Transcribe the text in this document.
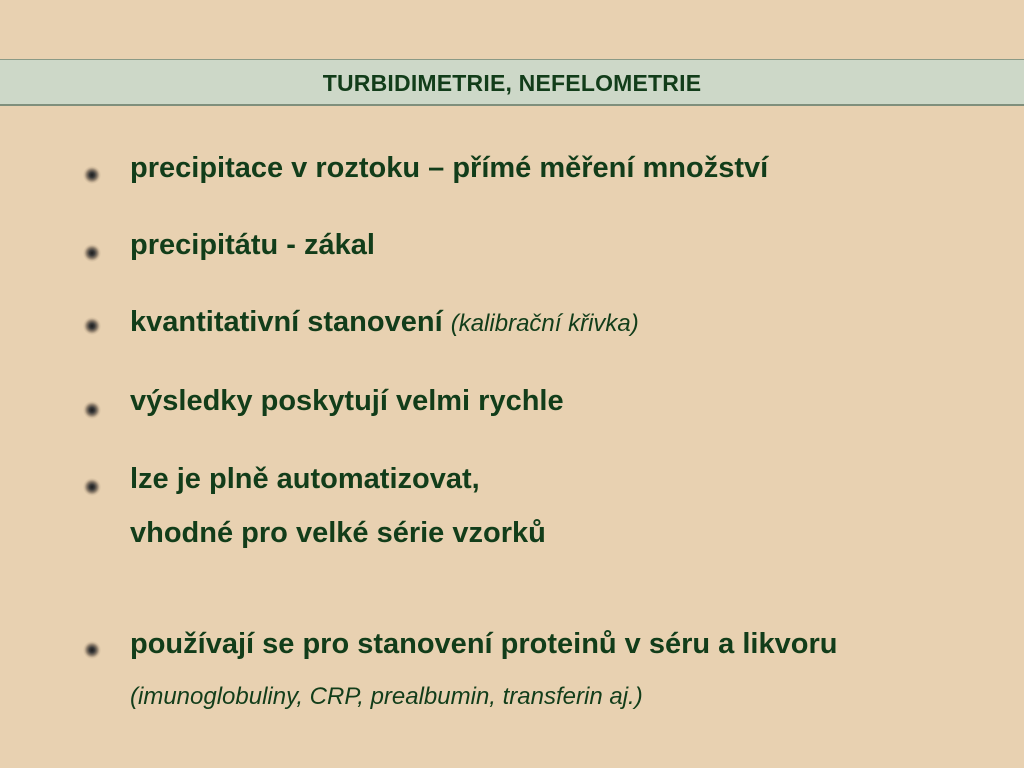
TURBIDIMETRIE, NEFELOMETRIE
precipitace v roztoku – přímé měření množství
precipitátu - zákal
kvantitativní stanovení (kalibrační křivka)
výsledky poskytují velmi rychle
lze je plně automatizovat,
vhodné pro velké série vzorků
používají se pro stanovení proteinů v séru a likvoru
(imunoglobuliny, CRP, prealbumin, transferin aj.)
